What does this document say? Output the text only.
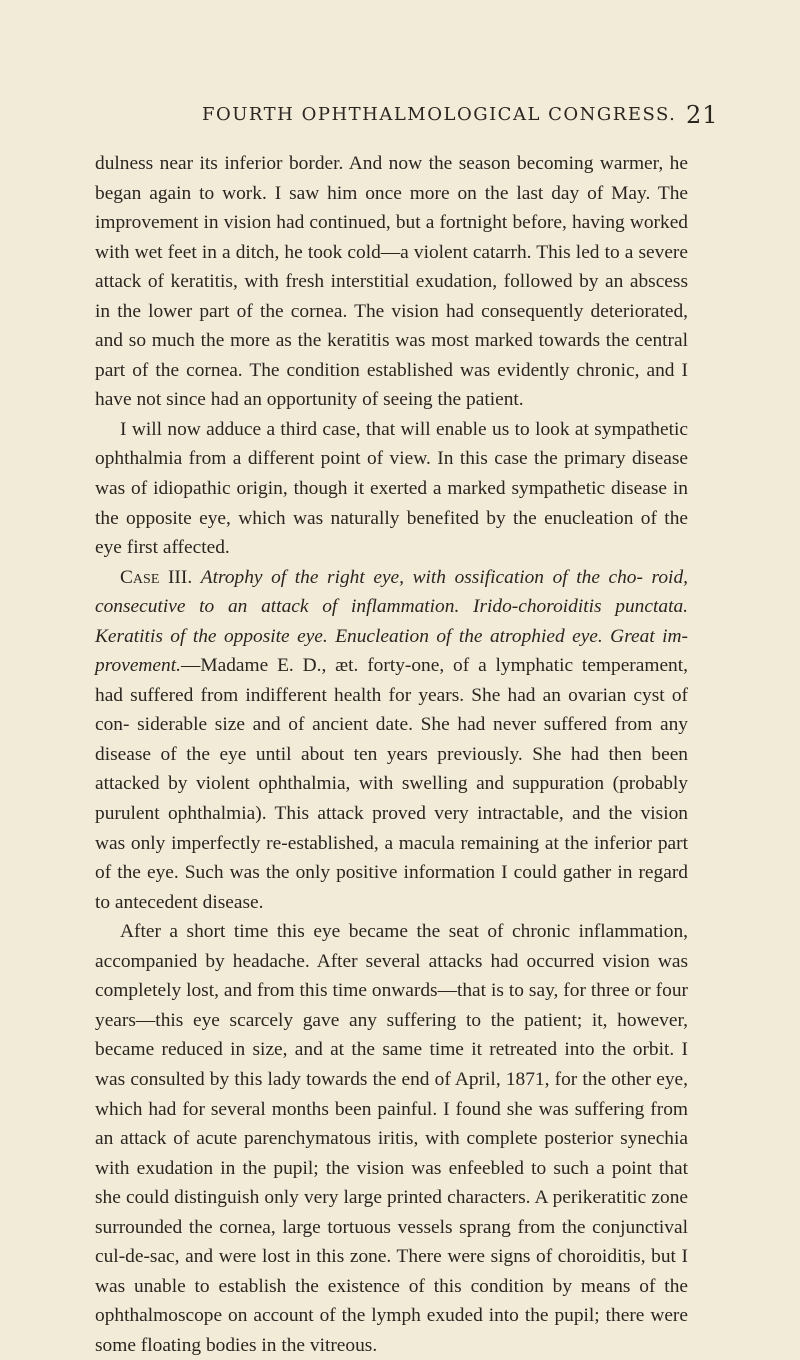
FOURTH OPHTHALMOLOGICAL CONGRESS. 21

dulness near its inferior border. And now the season becoming warmer, he began again to work. I saw him once more on the last day of May. The improvement in vision had continued, but a fortnight before, having worked with wet feet in a ditch, he took cold—a violent catarrh. This led to a severe attack of keratitis, with fresh interstitial exudation, followed by an abscess in the lower part of the cornea. The vision had consequently deteriorated, and so much the more as the keratitis was most marked towards the central part of the cornea. The condition established was evidently chronic, and I have not since had an opportunity of seeing the patient.

I will now adduce a third case, that will enable us to look at sympathetic ophthalmia from a different point of view. In this case the primary disease was of idiopathic origin, though it exerted a marked sympathetic disease in the opposite eye, which was naturally benefited by the enucleation of the eye first affected.

Case III. Atrophy of the right eye, with ossification of the cho- roid, consecutive to an attack of inflammation. Irido-choroiditis punctata. Keratitis of the opposite eye. Enucleation of the atrophied eye. Great im- provement.—Madame E. D., æt. forty-one, of a lymphatic temperament, had suffered from indifferent health for years. She had an ovarian cyst of con- siderable size and of ancient date. She had never suffered from any disease of the eye until about ten years previously. She had then been attacked by violent ophthalmia, with swelling and suppuration (probably purulent ophthalmia). This attack proved very intractable, and the vision was only imperfectly re-established, a macula remaining at the inferior part of the eye. Such was the only positive information I could gather in regard to antecedent disease.

After a short time this eye became the seat of chronic inflammation, accompanied by headache. After several attacks had occurred vision was completely lost, and from this time onwards—that is to say, for three or four years—this eye scarcely gave any suffering to the patient; it, however, became reduced in size, and at the same time it retreated into the orbit. I was consulted by this lady towards the end of April, 1871, for the other eye, which had for several months been painful. I found she was suffering from an attack of acute parenchymatous iritis, with complete posterior synechia with exudation in the pupil; the vision was enfeebled to such a point that she could distinguish only very large printed characters. A perikeratitic zone surrounded the cornea, large tortuous vessels sprang from the conjunctival cul-de-sac, and were lost in this zone. There were signs of choroiditis, but I was unable to establish the existence of this condition by means of the ophthalmoscope on account of the lymph exuded into the pupil; there were some floating bodies in the vitreous.
